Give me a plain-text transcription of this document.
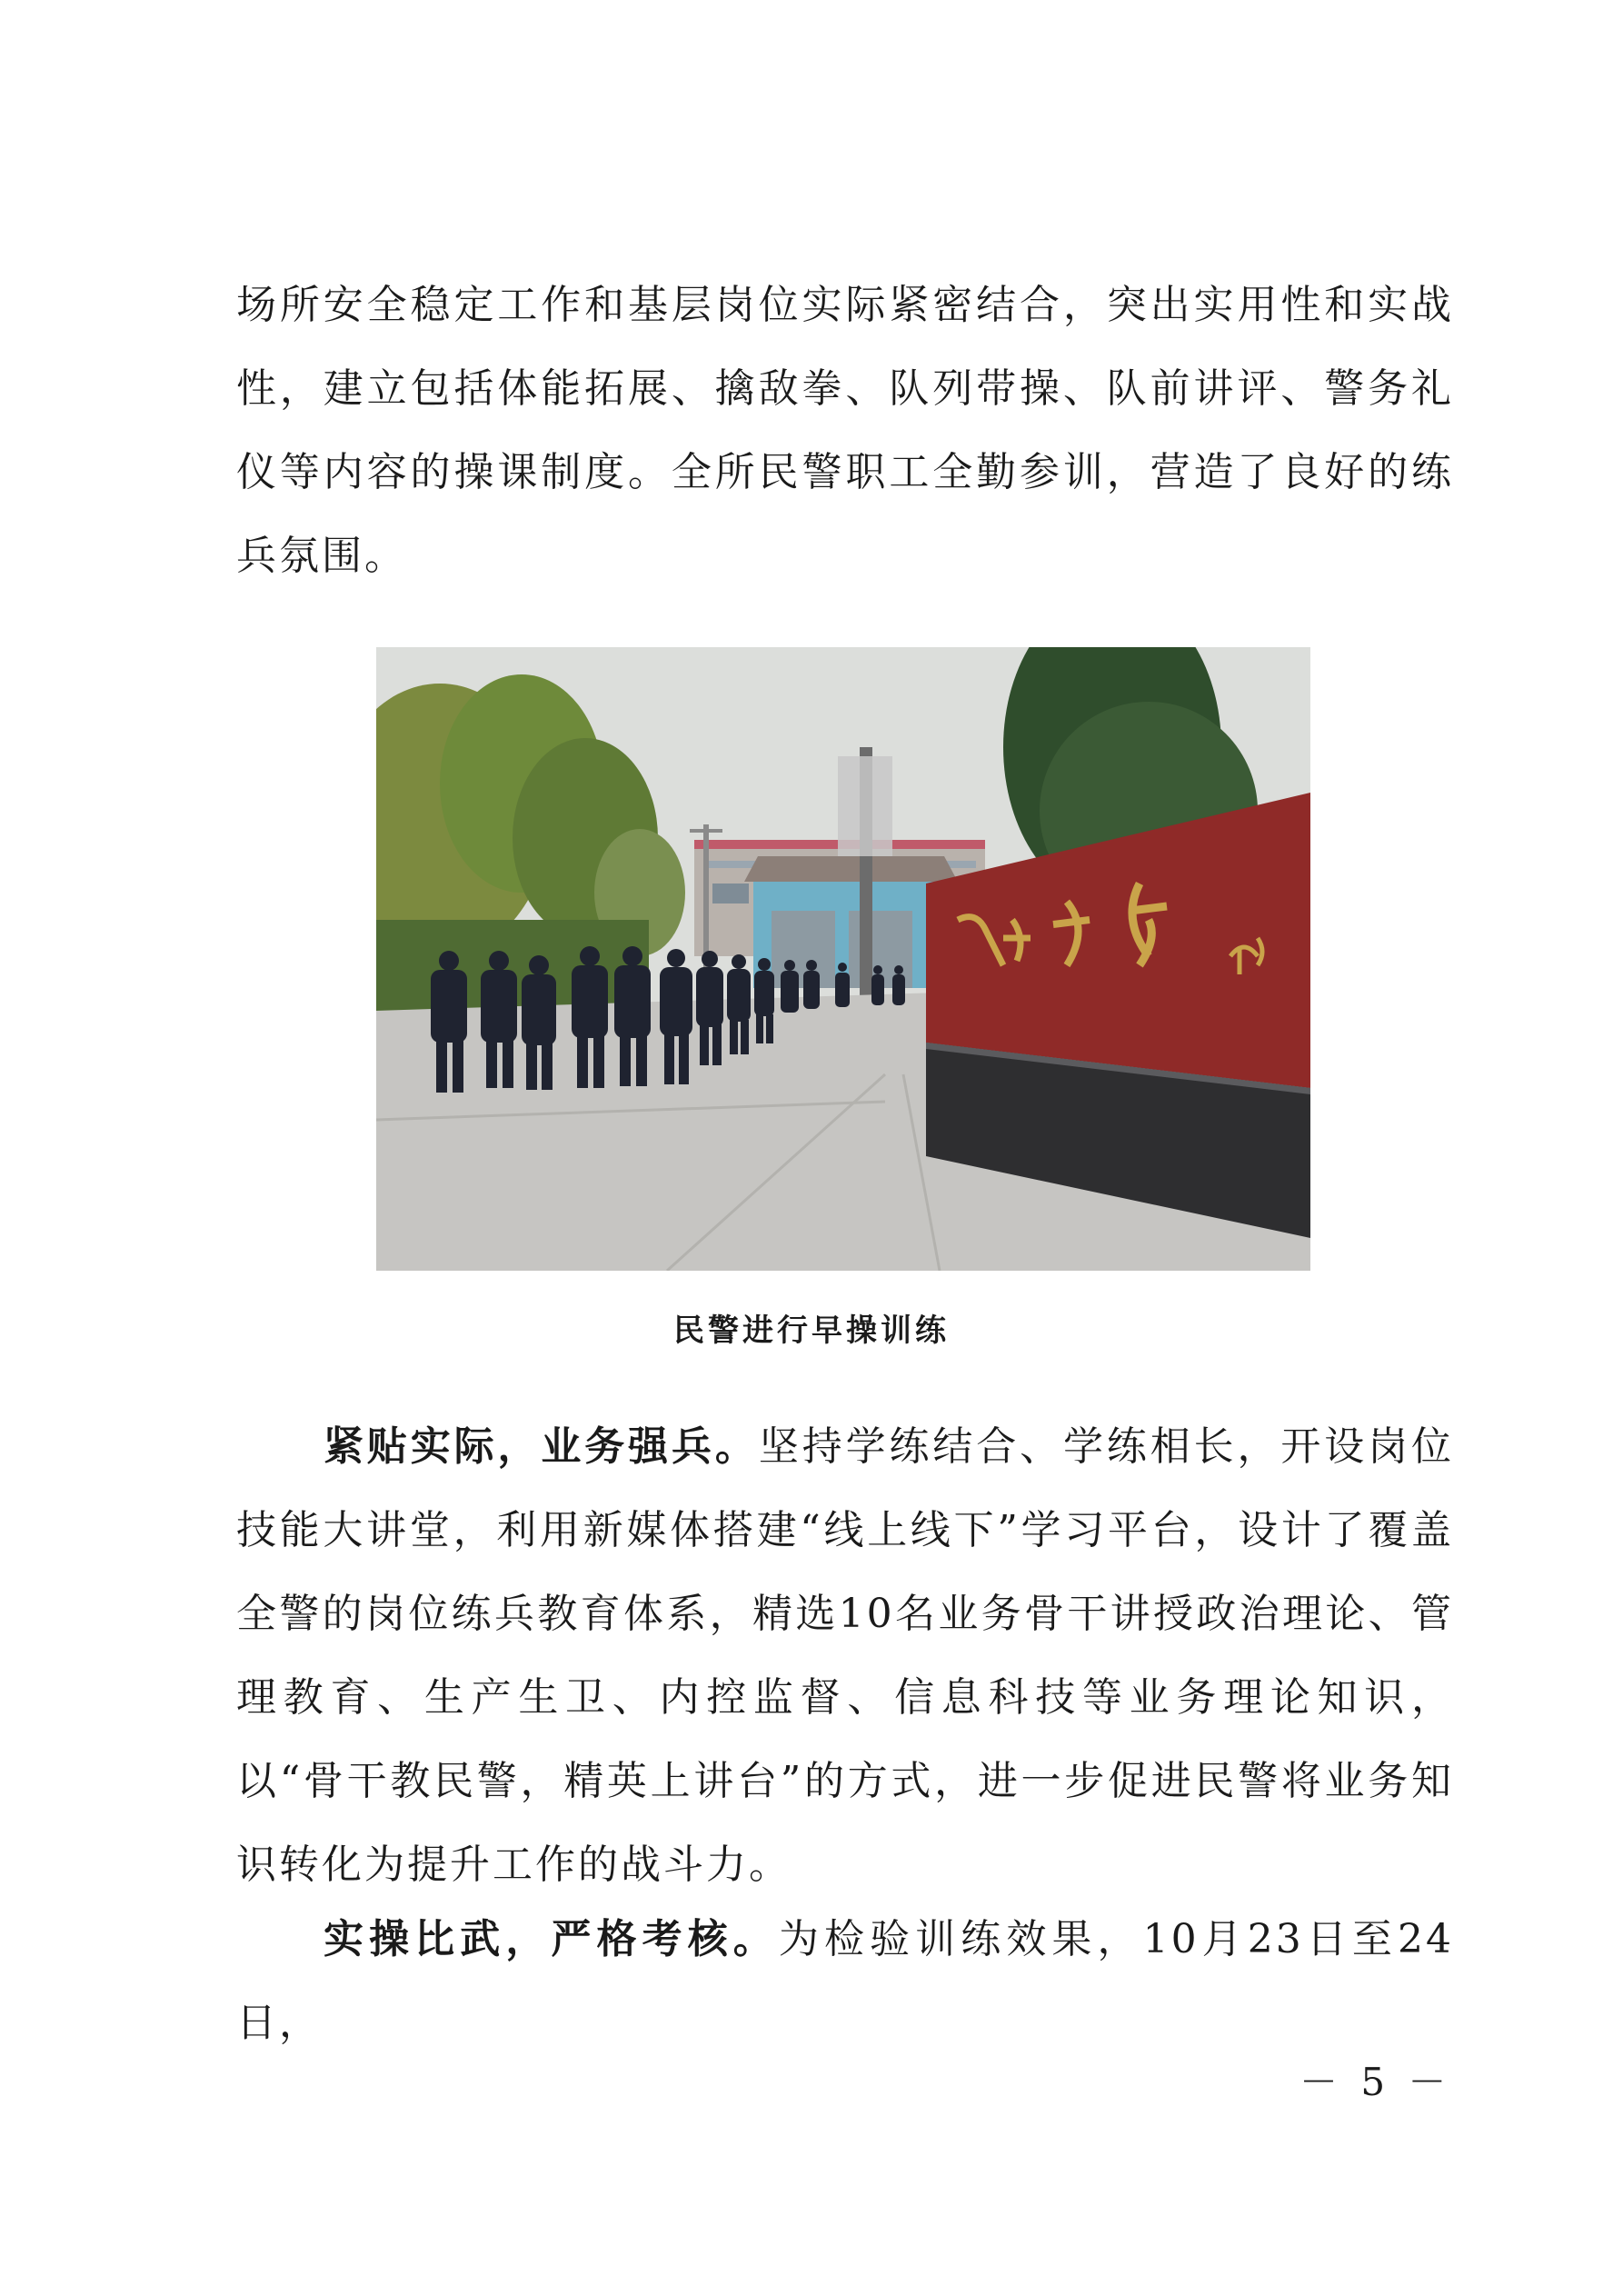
场所安全稳定工作和基层岗位实际紧密结合，突出实用性和实战性，建立包括体能拓展、擒敌拳、队列带操、队前讲评、警务礼仪等内容的操课制度。全所民警职工全勤参训，营造了良好的练兵氛围。

民警进行早操训练

紧贴实际，业务强兵。坚持学练结合、学练相长，开设岗位技能大讲堂，利用新媒体搭建“线上线下”学习平台，设计了覆盖全警的岗位练兵教育体系，精选10名业务骨干讲授政治理论、管理教育、生产生卫、内控监督、信息科技等业务理论知识，以“骨干教民警，精英上讲台”的方式，进一步促进民警将业务知识转化为提升工作的战斗力。

实操比武，严格考核。为检验训练效果，10月23日至24日，

－ 5 －
